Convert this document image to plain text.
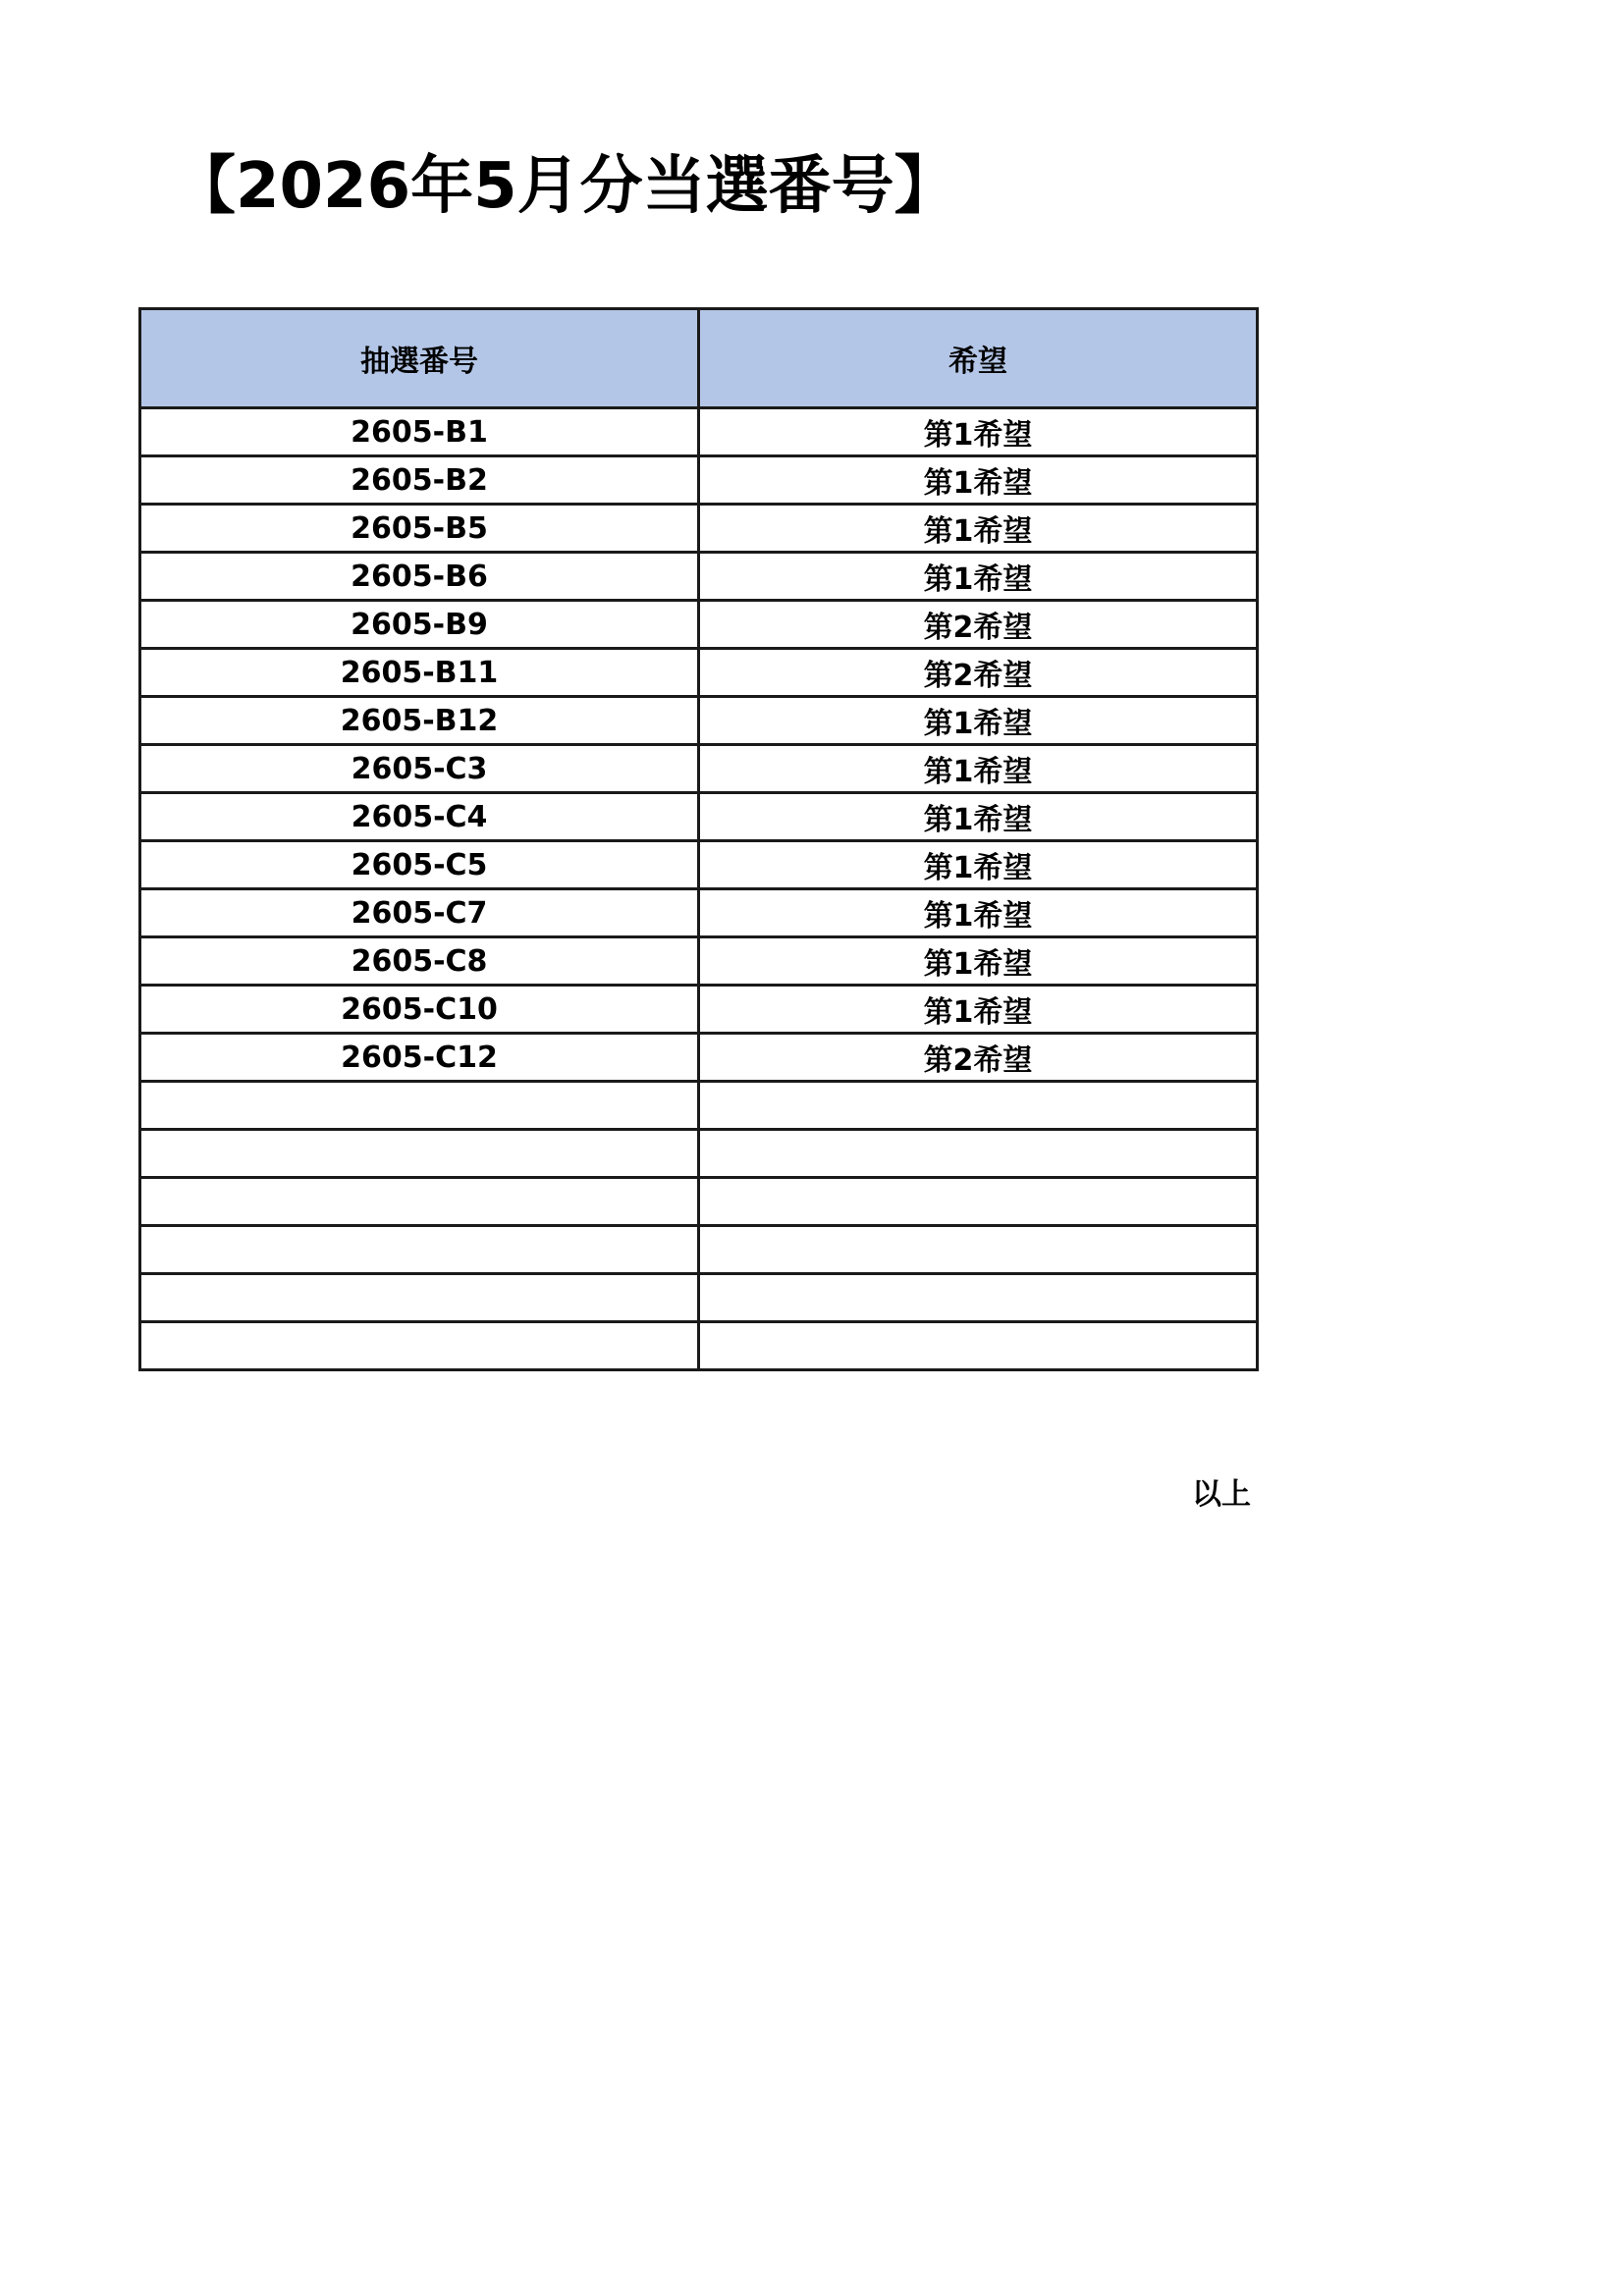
【2026年5月分当選番号】
抽選番号	希望
2605-B1	第1希望
2605-B2	第1希望
2605-B5	第1希望
2605-B6	第1希望
2605-B9	第2希望
2605-B11	第2希望
2605-B12	第1希望
2605-C3	第1希望
2605-C4	第1希望
2605-C5	第1希望
2605-C7	第1希望
2605-C8	第1希望
2605-C10	第1希望
2605-C12	第2希望

以上
